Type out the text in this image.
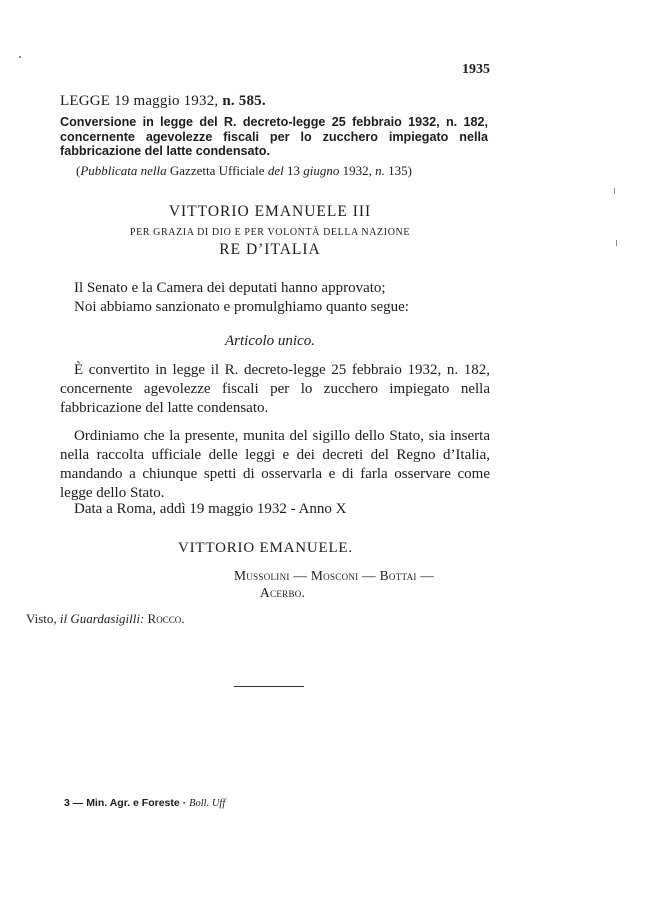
1935
LEGGE 19 maggio 1932, n. 585.
Conversione in legge del R. decreto-legge 25 febbraio 1932, n. 182, concernente agevolezze fiscali per lo zucchero impiegato nella fabbricazione del latte condensato.
(Pubblicata nella Gazzetta Ufficiale del 13 giugno 1932, n. 135)
VITTORIO EMANUELE III
PER GRAZIA DI DIO E PER VOLONTÀ DELLA NAZIONE
RE D’ITALIA
Il Senato e la Camera dei deputati hanno approvato;
Noi abbiamo sanzionato e promulghiamo quanto segue:
Articolo unico.
È convertito in legge il R. decreto-legge 25 febbraio 1932, n. 182, concernente agevolezze fiscali per lo zucchero impiegato nella fabbricazione del latte condensato.
Ordiniamo che la presente, munita del sigillo dello Stato, sia inserta nella raccolta ufficiale delle leggi e dei decreti del Regno d’Italia, mandando a chiunque spetti di osservarla e di farla osservare come legge dello Stato.
Data a Roma, addì 19 maggio 1932 - Anno X
VITTORIO EMANUELE.
Mussolini — Mosconi — Bottai —
Acerbo.
Visto, il Guardasigilli: Rocco.
3 — Min. Agr. e Foreste · Boll. Uff
